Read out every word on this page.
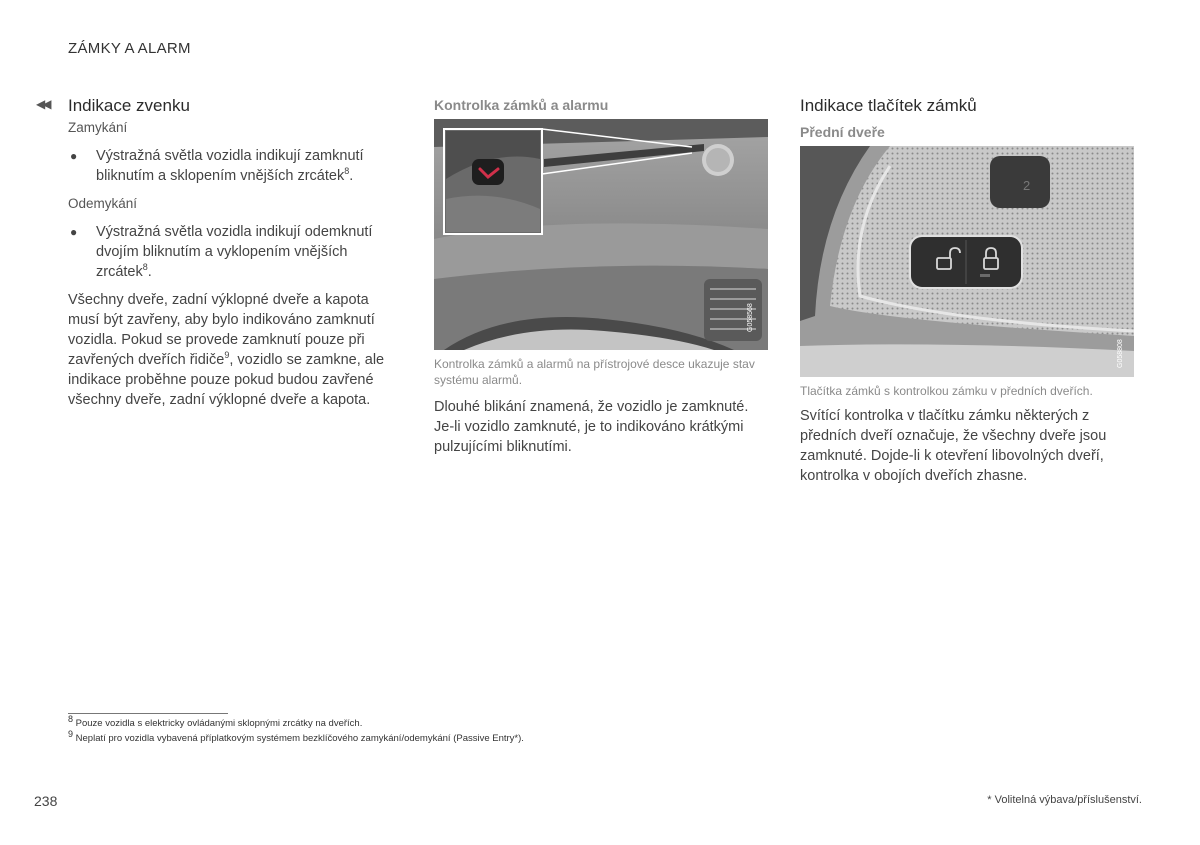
ZÁMKY A ALARM
◀◀ Indikace zvenku
Zamykání
● Výstražná světla vozidla indikují zamknutí bliknutím a sklopením vnějších zrcátek$^8$.
Odemykání
● Výstražná světla vozidla indikují odemknutí dvojím bliknutím a vyklopením vnějších zrcátek$^8$.
Všechny dveře, zadní výklopné dveře a kapota musí být zavřeny, aby bylo indikováno zamknutí vozidla. Pokud se provede zamknutí pouze při zavřených dveřích řidiče$^9$, vozidlo se zamkne, ale indikace proběhne pouze pokud budou zavřené všechny dveře, zadní výklopné dveře a kapota.
Kontrolka zámků a alarmu
G058568
Kontrolka zámků a alarmů na přístrojové desce ukazuje stav systému alarmů.
Dlouhé blikání znamená, že vozidlo je zamknuté. Je-li vozidlo zamknuté, je to indikováno krátkými pulzujícími bliknutími.
Indikace tlačítek zámků
Přední dveře
2
G058808
Tlačítka zámků s kontrolkou zámku v předních dveřích.
Svítící kontrolka v tlačítku zámku některých z předních dveří označuje, že všechny dveře jsou zamknuté. Dojde-li k otevření libovolných dveří, kontrolka v obojích dveřích zhasne.
$^8$ Pouze vozidla s elektricky ovládanými sklopnými zrcátky na dveřích.
$^9$ Neplatí pro vozidla vybavená příplatkovým systémem bezklíčového zamykání/odemykání (Passive Entry*).
238	* Volitelná výbava/příslušenství.
